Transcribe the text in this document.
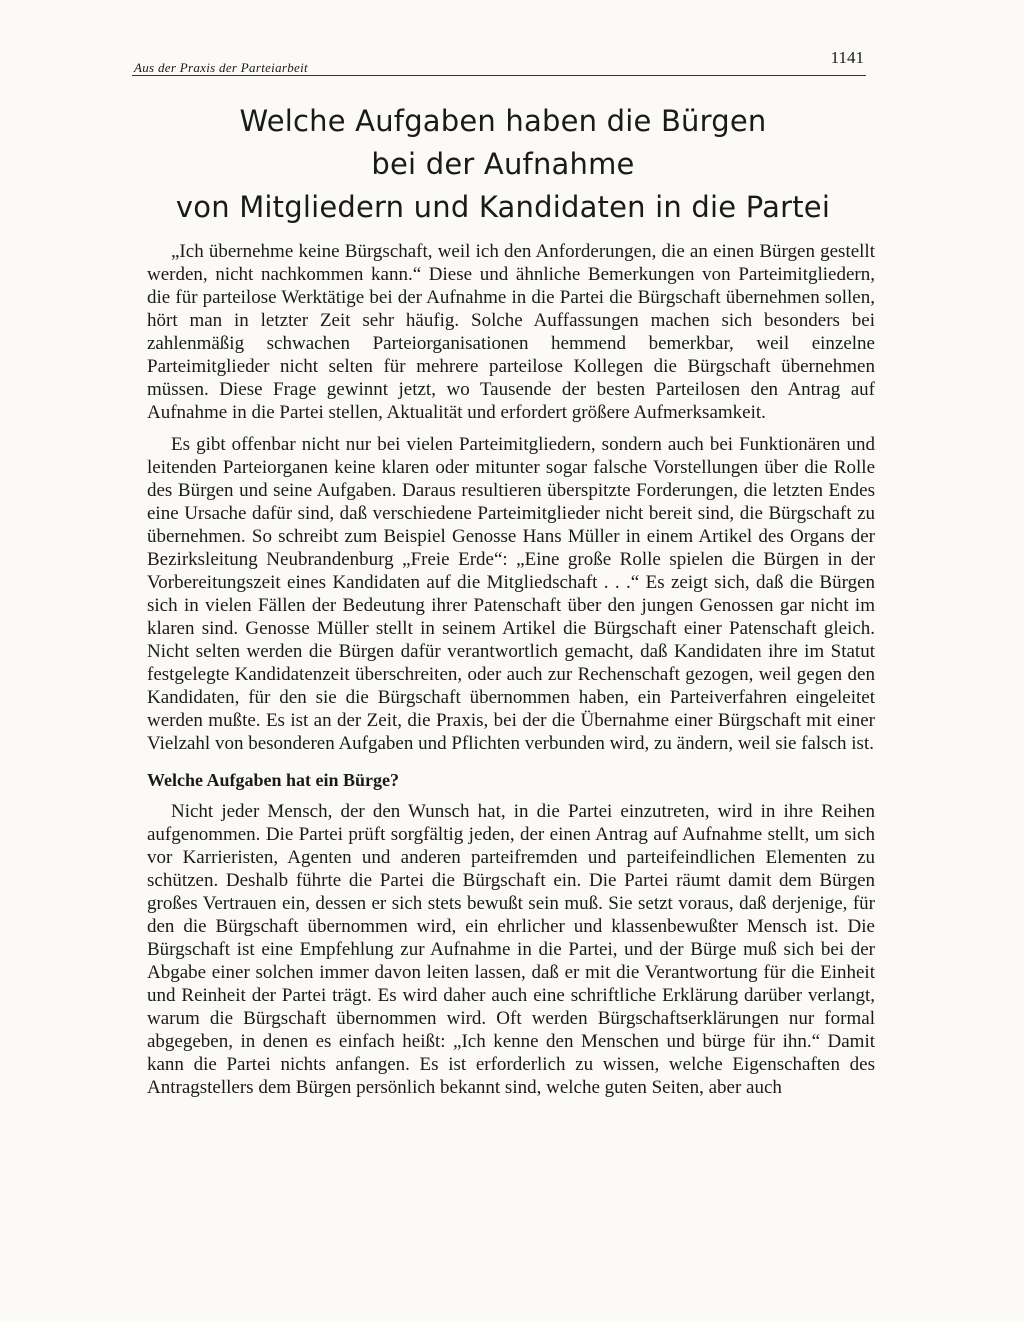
Aus der Praxis der Parteiarbeit
1141
Welche Aufgaben haben die Bürgen
bei der Aufnahme
von Mitgliedern und Kandidaten in die Partei

„Ich übernehme keine Bürgschaft, weil ich den Anforderungen, die an einen Bürgen gestellt werden, nicht nachkommen kann.“ Diese und ähnliche Bemerkungen von Parteimitgliedern, die für parteilose Werktätige bei der Aufnahme in die Partei die Bürgschaft übernehmen sollen, hört man in letzter Zeit sehr häufig. Solche Auffassungen machen sich besonders bei zahlenmäßig schwachen Parteiorganisationen hemmend bemerkbar, weil einzelne Parteimitglieder nicht selten für mehrere parteilose Kollegen die Bürgschaft übernehmen müssen. Diese Frage gewinnt jetzt, wo Tausende der besten Parteilosen den Antrag auf Aufnahme in die Partei stellen, Aktualität und erfordert größere Aufmerksamkeit.

Es gibt offenbar nicht nur bei vielen Parteimitgliedern, sondern auch bei Funktionären und leitenden Parteiorganen keine klaren oder mitunter sogar falsche Vorstellungen über die Rolle des Bürgen und seine Aufgaben. Daraus resultieren überspitzte Forderungen, die letzten Endes eine Ursache dafür sind, daß verschiedene Parteimitglieder nicht bereit sind, die Bürgschaft zu übernehmen. So schreibt zum Beispiel Genosse Hans Müller in einem Artikel des Organs der Bezirksleitung Neubrandenburg „Freie Erde“: „Eine große Rolle spielen die Bürgen in der Vorbereitungszeit eines Kandidaten auf die Mitgliedschaft . . .“ Es zeigt sich, daß die Bürgen sich in vielen Fällen der Bedeutung ihrer Patenschaft über den jungen Genossen gar nicht im klaren sind. Genosse Müller stellt in seinem Artikel die Bürgschaft einer Patenschaft gleich. Nicht selten werden die Bürgen dafür verantwortlich gemacht, daß Kandidaten ihre im Statut festgelegte Kandidatenzeit überschreiten, oder auch zur Rechenschaft gezogen, weil gegen den Kandidaten, für den sie die Bürgschaft übernommen haben, ein Parteiverfahren eingeleitet werden mußte. Es ist an der Zeit, die Praxis, bei der die Übernahme einer Bürgschaft mit einer Vielzahl von besonderen Aufgaben und Pflichten verbunden wird, zu ändern, weil sie falsch ist.

Welche Aufgaben hat ein Bürge?

Nicht jeder Mensch, der den Wunsch hat, in die Partei einzutreten, wird in ihre Reihen aufgenommen. Die Partei prüft sorgfältig jeden, der einen Antrag auf Aufnahme stellt, um sich vor Karrieristen, Agenten und anderen parteifremden und parteifeindlichen Elementen zu schützen. Deshalb führte die Partei die Bürgschaft ein. Die Partei räumt damit dem Bürgen großes Vertrauen ein, dessen er sich stets bewußt sein muß. Sie setzt voraus, daß derjenige, für den die Bürgschaft übernommen wird, ein ehrlicher und klassenbewußter Mensch ist. Die Bürgschaft ist eine Empfehlung zur Aufnahme in die Partei, und der Bürge muß sich bei der Abgabe einer solchen immer davon leiten lassen, daß er mit die Verantwortung für die Einheit und Reinheit der Partei trägt. Es wird daher auch eine schriftliche Erklärung darüber verlangt, warum die Bürgschaft übernommen wird. Oft werden Bürgschaftserklärungen nur formal abgegeben, in denen es einfach heißt: „Ich kenne den Menschen und bürge für ihn.“ Damit kann die Partei nichts anfangen. Es ist erforderlich zu wissen, welche Eigenschaften des Antragstellers dem Bürgen persönlich bekannt sind, welche guten Seiten, aber auch
